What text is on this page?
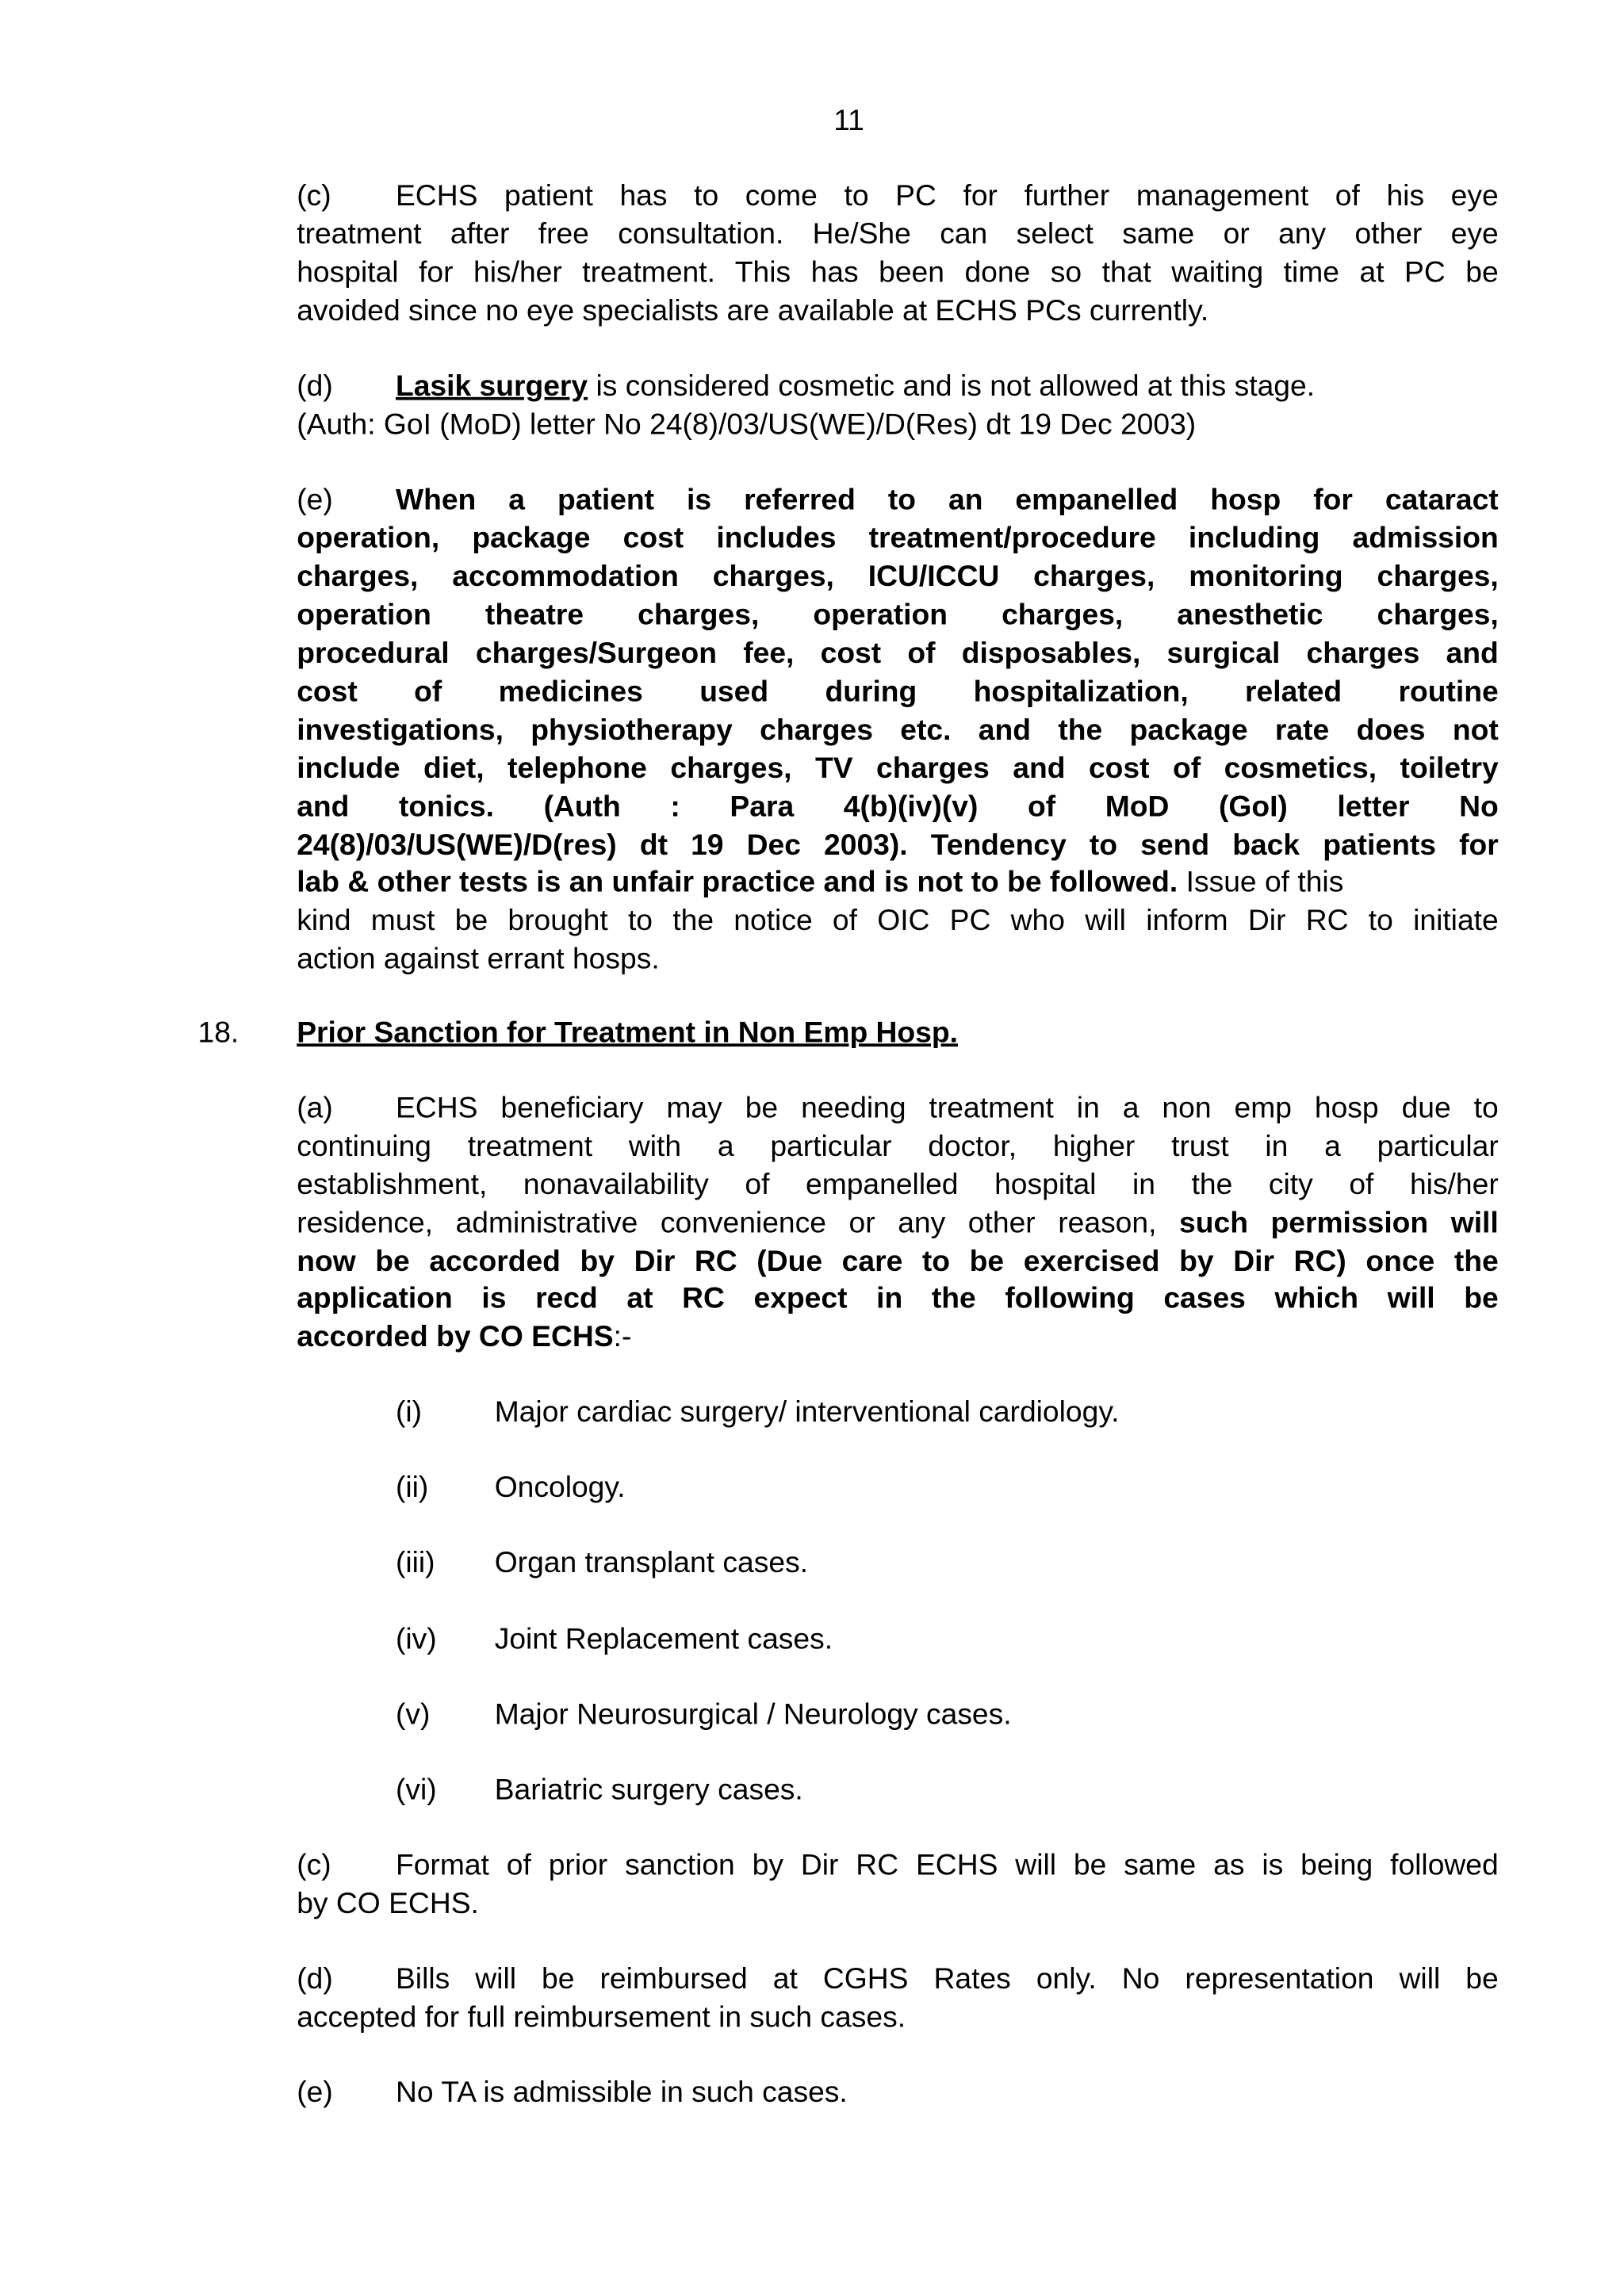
11
(c)	ECHS patient has to come to PC for further management of his eye
treatment after free consultation. He/She can select same or any other eye
hospital for his/her treatment. This has been done so that waiting time at PC be
avoided since no eye specialists are available at ECHS PCs currently.
(d)	Lasik surgery is considered cosmetic and is not allowed at this stage.
(Auth: GoI (MoD) letter No 24(8)/03/US(WE)/D(Res) dt 19 Dec 2003)
(e)	When a patient is referred to an empanelled hosp for cataract
operation, package cost includes treatment/procedure including admission
charges, accommodation charges, ICU/ICCU charges, monitoring charges,
operation theatre charges, operation charges, anesthetic charges,
procedural charges/Surgeon fee, cost of disposables, surgical charges and
cost of medicines used during hospitalization, related routine
investigations, physiotherapy charges etc. and the package rate does not
include diet, telephone charges, TV charges and cost of cosmetics, toiletry
and tonics. (Auth : Para 4(b)(iv)(v) of MoD (GoI) letter No
24(8)/03/US(WE)/D(res) dt 19 Dec 2003). Tendency to send back patients for
lab & other tests is an unfair practice and is not to be followed. Issue of this
kind must be brought to the notice of OIC PC who will inform Dir RC to initiate
action against errant hosps.
18.	Prior Sanction for Treatment in Non Emp Hosp.
(a)	ECHS beneficiary may be needing treatment in a non emp hosp due to
continuing treatment with a particular doctor, higher trust in a particular
establishment, nonavailability of empanelled hospital in the city of his/her
residence, administrative convenience or any other reason, such permission will
now be accorded by Dir RC (Due care to be exercised by Dir RC) once the
application is recd at RC expect in the following cases which will be
accorded by CO ECHS:-
(i)	Major cardiac surgery/ interventional cardiology.
(ii)	Oncology.
(iii)	Organ transplant cases.
(iv)	Joint Replacement cases.
(v)	Major Neurosurgical / Neurology cases.
(vi)	Bariatric surgery cases.
(c)	Format of prior sanction by Dir RC ECHS will be same as is being followed
by CO ECHS.
(d)	Bills will be reimbursed at CGHS Rates only. No representation will be
accepted for full reimbursement in such cases.
(e)	No TA is admissible in such cases.
